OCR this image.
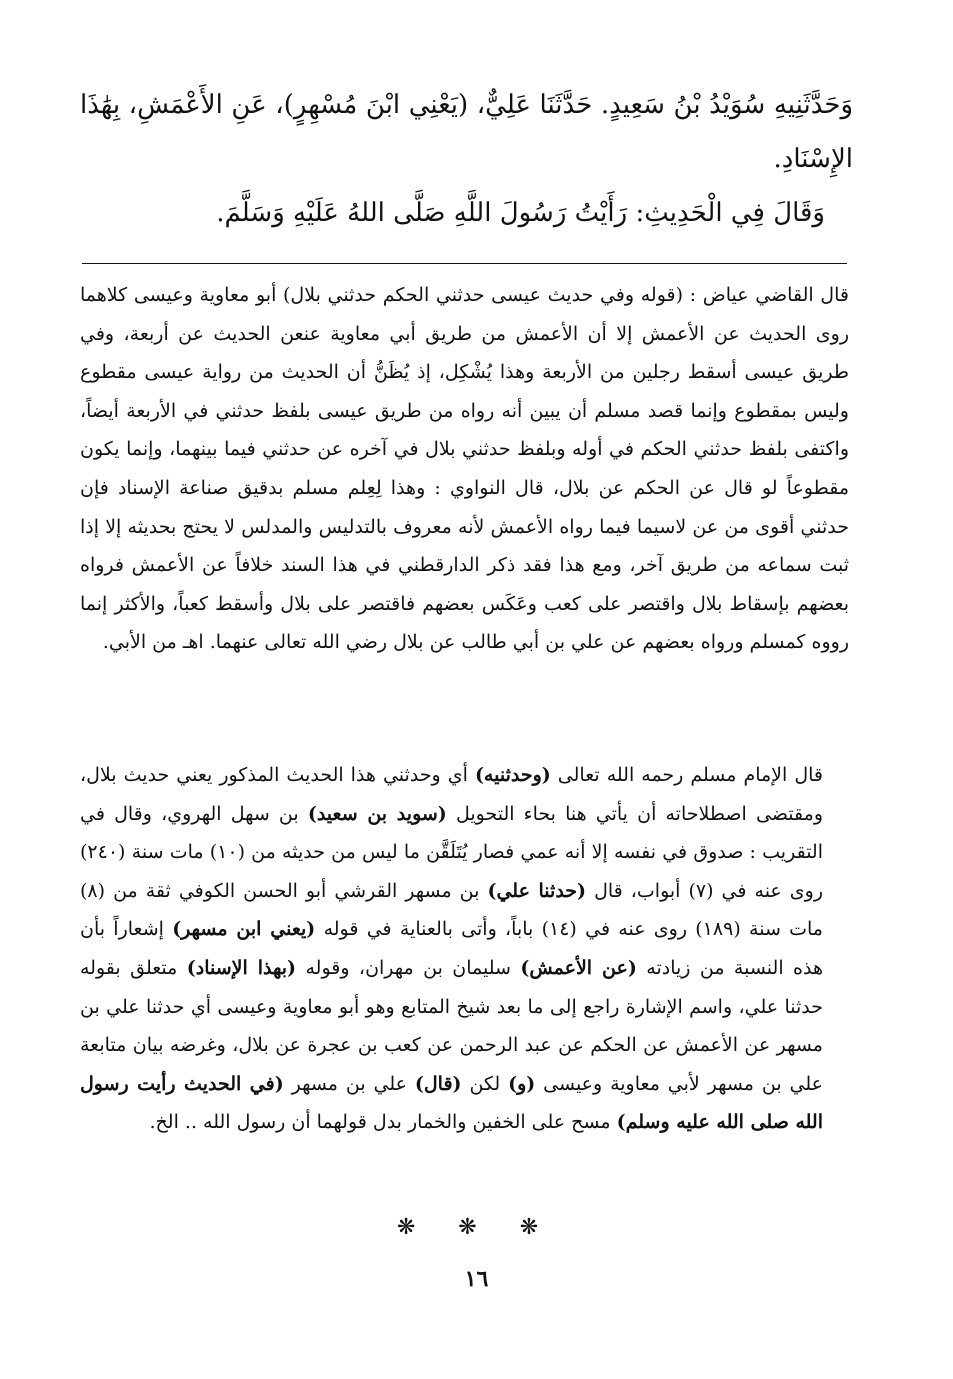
وَحَدَّثَنِيهِ سُوَيْدُ بْنُ سَعِيدٍ. حَدَّثَنَا عَلِيٌّ، (يَعْنِي ابْنَ مُسْهِرٍ)، عَنِ الأَعْمَشِ، بِهَٰذَا الإِسْنَادِ.

وَقَالَ فِي الْحَدِيثِ: رَأَيْتُ رَسُولَ اللَّهِ صَلَّى اللهُ عَلَيْهِ وَسَلَّمَ.

قال القاضي عياض : (قوله وفي حديث عيسى حدثني الحكم حدثني بلال) أبو معاوية وعيسى كلاهما روى الحديث عن الأعمش إلا أن الأعمش من طريق أبي معاوية عنعن الحديث عن أربعة، وفي طريق عيسى أسقط رجلين من الأربعة وهذا يُشْكِل، إذ يُظَنُّ أن الحديث من رواية عيسى مقطوع وليس بمقطوع وإنما قصد مسلم أن يبين أنه رواه من طريق عيسى بلفظ حدثني في الأربعة أيضاً، واكتفى بلفظ حدثني الحكم في أوله وبلفظ حدثني بلال في آخره عن حدثني فيما بينهما، وإنما يكون مقطوعاً لو قال عن الحكم عن بلال، قال النواوي : وهذا لِعِلم مسلم بدقيق صناعة الإسناد فإن حدثني أقوى من عن لاسيما فيما رواه الأعمش لأنه معروف بالتدليس والمدلس لا يحتج بحديثه إلا إذا ثبت سماعه من طريق آخر، ومع هذا فقد ذكر الدارقطني في هذا السند خلافاً عن الأعمش فرواه بعضهم بإسقاط بلال واقتصر على كعب وعَكَس بعضهم فاقتصر على بلال وأسقط كعباً، والأكثر إنما رووه كمسلم ورواه بعضهم عن علي بن أبي طالب عن بلال رضي الله تعالى عنهما. اهـ من الأبي.

قال الإمام مسلم رحمه الله تعالى (وحدثنيه) أي وحدثني هذا الحديث المذكور يعني حديث بلال، ومقتضى اصطلاحاته أن يأتي هنا بحاء التحويل (سويد بن سعيد) بن سهل الهروي، وقال في التقريب : صدوق في نفسه إلا أنه عمي فصار يُتَلَقَّن ما ليس من حديثه من (١٠) مات سنة (٢٤٠) روى عنه في (٧) أبواب، قال (حدثنا علي) بن مسهر القرشي أبو الحسن الكوفي ثقة من (٨) مات سنة (١٨٩) روى عنه في (١٤) باباً، وأتى بالعناية في قوله (يعني ابن مسهر) إشعاراً بأن هذه النسبة من زيادته (عن الأعمش) سليمان بن مهران، وقوله (بهذا الإسناد) متعلق بقوله حدثنا علي، واسم الإشارة راجع إلى ما بعد شيخ المتابع وهو أبو معاوية وعيسى أي حدثنا علي بن مسهر عن الأعمش عن الحكم عن عبد الرحمن عن كعب بن عجرة عن بلال، وغرضه بيان متابعة علي بن مسهر لأبي معاوية وعيسى (و) لكن (قال) علي بن مسهر (في الحديث رأيت رسول الله صلى الله عليه وسلم) مسح على الخفين والخمار بدل قولهما أن رسول الله .. الخ.

❋ ❋ ❋
١٦
